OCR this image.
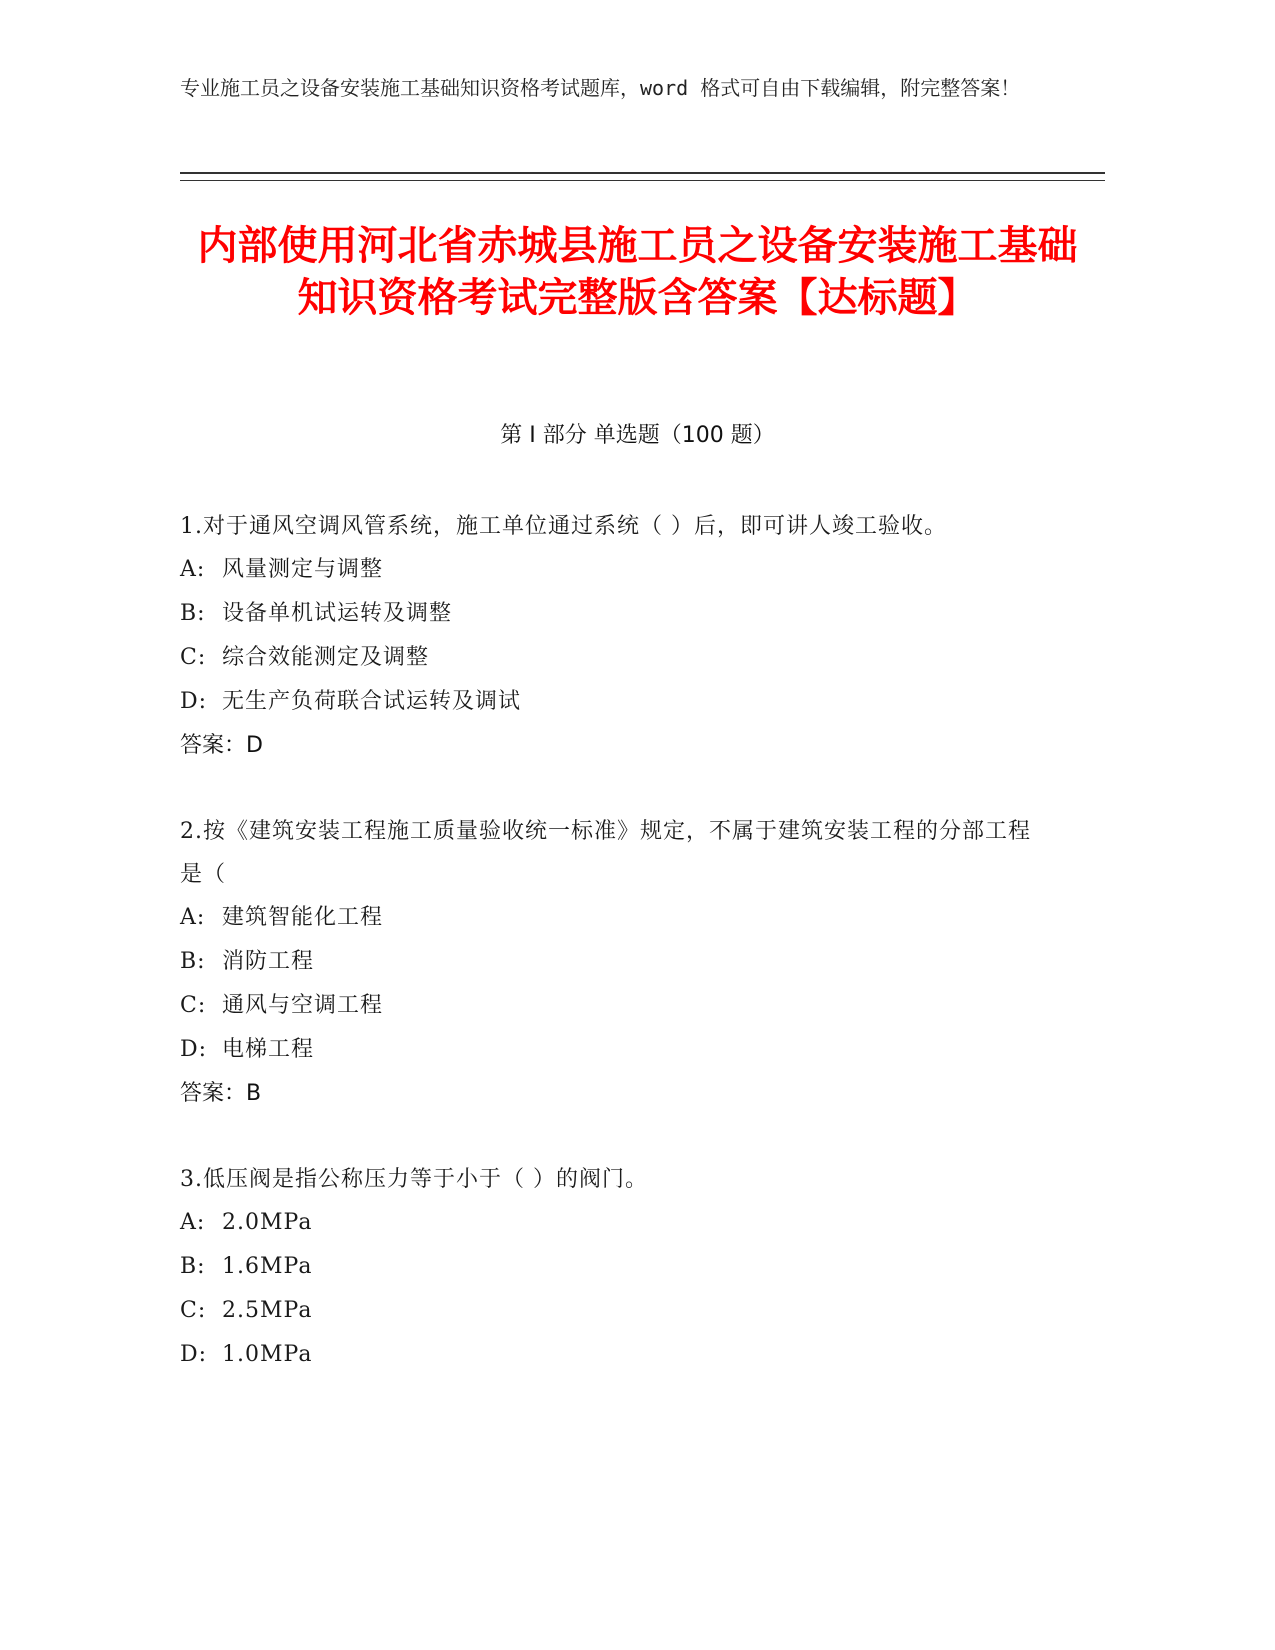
专业施工员之设备安装施工基础知识资格考试题库，word 格式可自由下载编辑，附完整答案！
内部使用河北省赤城县施工员之设备安装施工基础知识资格考试完整版含答案【达标题】
第 I 部分 单选题（100 题）

1.对于通风空调风管系统，施工单位通过系统（ ）后，即可讲人竣工验收。

A: 风量测定与调整
B: 设备单机试运转及调整
C: 综合效能测定及调整
D: 无生产负荷联合试运转及调试
答案：D

2.按《建筑安装工程施工质量验收统一标准》规定，不属于建筑安装工程的分部工程是（

A: 建筑智能化工程
B: 消防工程
C: 通风与空调工程
D: 电梯工程
答案：B

3.低压阀是指公称压力等于小于（ ）的阀门。

A: 2.0MPa
B: 1.6MPa
C: 2.5MPa
D: 1.0MPa
